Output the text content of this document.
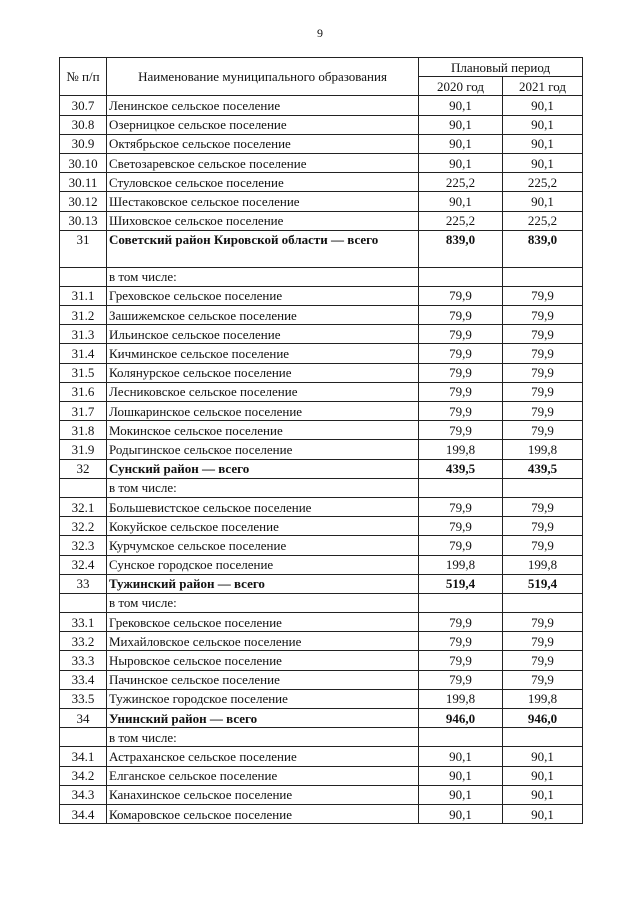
9
№ п/п	Наименование муниципального образования	Плановый период	
		2020 год	2021 год
30.7	Ленинское сельское поселение	90,1	90,1
30.8	Озерницкое сельское поселение	90,1	90,1
30.9	Октябрьское сельское поселение	90,1	90,1
30.10	Светозаревское сельское поселение	90,1	90,1
30.11	Стуловское сельское поселение	225,2	225,2
30.12	Шестаковское сельское поселение	90,1	90,1
30.13	Шиховское сельское поселение	225,2	225,2
31	Советский район Кировской области — всего	839,0	839,0
	в том числе:		
31.1	Греховское сельское поселение	79,9	79,9
31.2	Зашижемское сельское поселение	79,9	79,9
31.3	Ильинское сельское поселение	79,9	79,9
31.4	Кичминское сельское поселение	79,9	79,9
31.5	Колянурское сельское поселение	79,9	79,9
31.6	Лесниковское сельское поселение	79,9	79,9
31.7	Лошкаринское сельское поселение	79,9	79,9
31.8	Мокинское сельское поселение	79,9	79,9
31.9	Родыгинское сельское поселение	199,8	199,8
32	Сунский район — всего	439,5	439,5
	в том числе:		
32.1	Большевистское сельское поселение	79,9	79,9
32.2	Кокуйское сельское поселение	79,9	79,9
32.3	Курчумское сельское поселение	79,9	79,9
32.4	Сунское городское поселение	199,8	199,8
33	Тужинский район — всего	519,4	519,4
	в том числе:		
33.1	Грековское сельское поселение	79,9	79,9
33.2	Михайловское сельское поселение	79,9	79,9
33.3	Ныровское сельское поселение	79,9	79,9
33.4	Пачинское сельское поселение	79,9	79,9
33.5	Тужинское городское поселение	199,8	199,8
34	Унинский район — всего	946,0	946,0
	в том числе:		
34.1	Астраханское сельское поселение	90,1	90,1
34.2	Елганское сельское поселение	90,1	90,1
34.3	Канахинское сельское поселение	90,1	90,1
34.4	Комаровское сельское поселение	90,1	90,1
